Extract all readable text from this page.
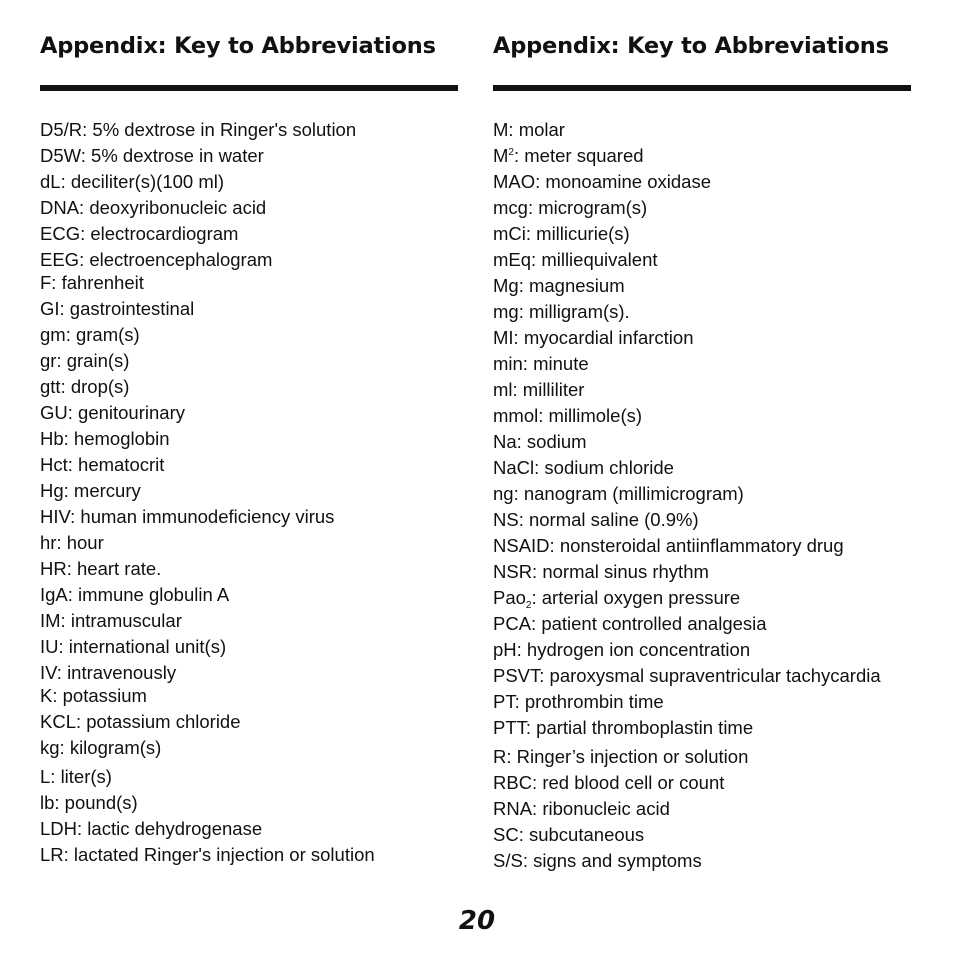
Appendix: Key to Abbreviations
D5/R: 5% dextrose in Ringer's solution
D5W: 5% dextrose in water
dL: deciliter(s)(100 ml)
DNA: deoxyribonucleic acid
ECG: electrocardiogram
EEG: electroencephalogram
F: fahrenheit
GI: gastrointestinal
gm: gram(s)
gr: grain(s)
gtt: drop(s)
GU: genitourinary
Hb: hemoglobin
Hct: hematocrit
Hg: mercury
HIV: human immunodeficiency virus
hr: hour
HR: heart rate.
IgA: immune globulin A
IM: intramuscular
IU: international unit(s)
IV: intravenously
K: potassium
KCL: potassium chloride
kg: kilogram(s)
L: liter(s)
lb: pound(s)
LDH: lactic dehydrogenase
LR: lactated Ringer's injection or solution
Appendix: Key to Abbreviations
M: molar
$M^2$: meter squared
MAO: monoamine oxidase
mcg: microgram(s)
mCi: millicurie(s)
mEq: milliequivalent
Mg: magnesium
mg: milligram(s).
MI: myocardial infarction
min: minute
ml: milliliter
mmol: millimole(s)
Na: sodium
NaCl: sodium chloride
ng: nanogram (millimicrogram)
NS: normal saline (0.9%)
NSAID: nonsteroidal antiinflammatory drug
NSR: normal sinus rhythm
Pao$_2$: arterial oxygen pressure
PCA: patient controlled analgesia
pH: hydrogen ion concentration
PSVT: paroxysmal supraventricular tachycardia
PT: prothrombin time
PTT: partial thromboplastin time
R: Ringer’s injection or solution
RBC: red blood cell or count
RNA: ribonucleic acid
SC: subcutaneous
S/S: signs and symptoms
20
